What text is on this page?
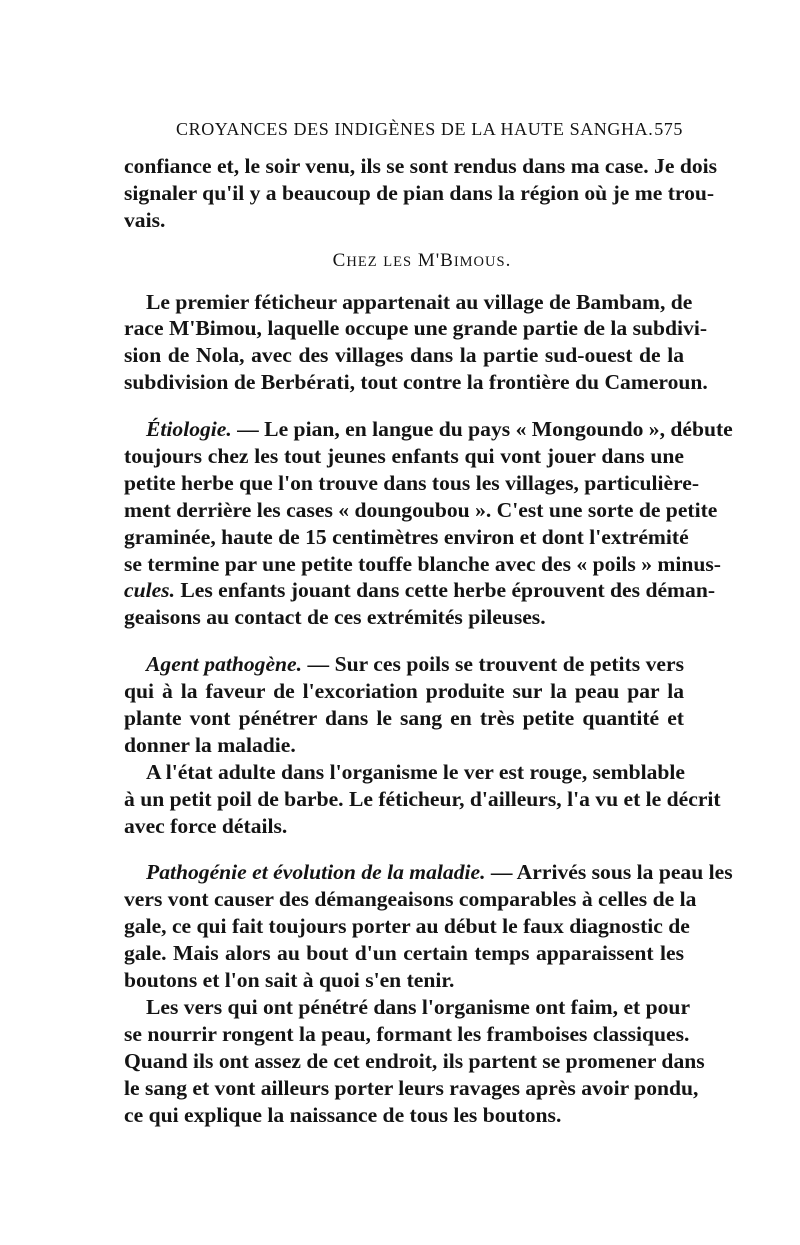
CROYANCES DES INDIGÈNES DE LA HAUTE SANGHA. 575

confiance et, le soir venu, ils se sont rendus dans ma case. Je dois

signaler qu'il y a beaucoup de pian dans la région où je me trou-

vais.

CHEZ LES M'BIMOUS.

Le premier féticheur appartenait au village de Bambam, de

race M'Bimou, laquelle occupe une grande partie de la subdivi-

sion de Nola, avec des villages dans la partie sud-ouest de la

subdivision de Berbérati, tout contre la frontière du Cameroun.

Étiologie. — Le pian, en langue du pays « Mongoundo », débute

toujours chez les tout jeunes enfants qui vont jouer dans une

petite herbe que l'on trouve dans tous les villages, particulière-

ment derrière les cases « doungoubou ». C'est une sorte de petite

graminée, haute de 15 centimètres environ et dont l'extrémité

se termine par une petite touffe blanche avec des « poils » minus-

cules. Les enfants jouant dans cette herbe éprouvent des déman-

geaisons au contact de ces extrémités pileuses.

Agent pathogène. — Sur ces poils se trouvent de petits vers

qui à la faveur de l'excoriation produite sur la peau par la

plante vont pénétrer dans le sang en très petite quantité et

donner la maladie.

A l'état adulte dans l'organisme le ver est rouge, semblable

à un petit poil de barbe. Le féticheur, d'ailleurs, l'a vu et le décrit

avec force détails.

Pathogénie et évolution de la maladie. — Arrivés sous la peau les

vers vont causer des démangeaisons comparables à celles de la

gale, ce qui fait toujours porter au début le faux diagnostic de

gale. Mais alors au bout d'un certain temps apparaissent les

boutons et l'on sait à quoi s'en tenir.

Les vers qui ont pénétré dans l'organisme ont faim, et pour

se nourrir rongent la peau, formant les framboises classiques.

Quand ils ont assez de cet endroit, ils partent se promener dans

le sang et vont ailleurs porter leurs ravages après avoir pondu,

ce qui explique la naissance de tous les boutons.
